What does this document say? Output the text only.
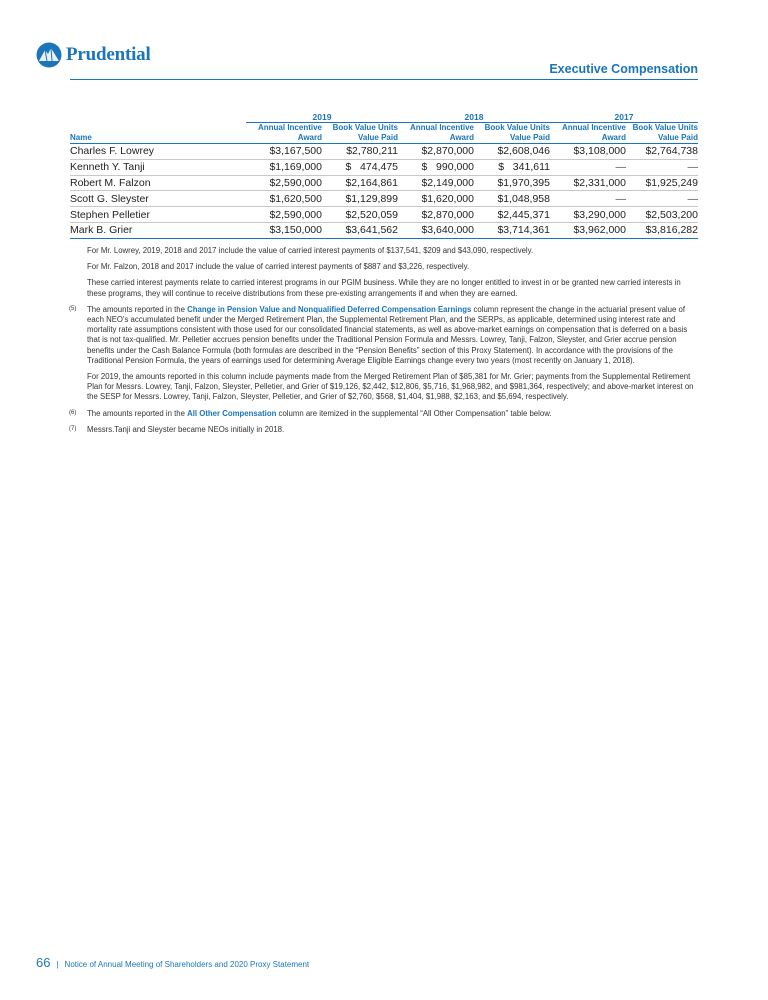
Prudential
Executive Compensation
	2019		2018		2017	
Name	Annual Incentive Award	Book Value Units Value Paid	Annual Incentive Award	Book Value Units Value Paid	Annual Incentive Award	Book Value Units Value Paid
Charles F. Lowrey	$3,167,500	$2,780,211	$2,870,000	$2,608,046	$3,108,000	$2,764,738
Kenneth Y. Tanji	$1,169,000	$   474,475	$   990,000	$   341,611	—	—
Robert M. Falzon	$2,590,000	$2,164,861	$2,149,000	$1,970,395	$2,331,000	$1,925,249
Scott G. Sleyster	$1,620,500	$1,129,899	$1,620,000	$1,048,958	—	—
Stephen Pelletier	$2,590,000	$2,520,059	$2,870,000	$2,445,371	$3,290,000	$2,503,200
Mark B. Grier	$3,150,000	$3,641,562	$3,640,000	$3,714,361	$3,962,000	$3,816,282

For Mr. Lowrey, 2019, 2018 and 2017 include the value of carried interest payments of $137,541, $209 and $43,090, respectively.

For Mr. Falzon, 2018 and 2017 include the value of carried interest payments of $887 and $3,226, respectively.

These carried interest payments relate to carried interest programs in our PGIM business. While they are no longer entitled to invest in or be granted new carried interests in these programs, they will continue to receive distributions from these pre-existing arrangements if and when they are earned.

(5) The amounts reported in the Change in Pension Value and Nonqualified Deferred Compensation Earnings column represent the change in the actuarial present value of each NEO's accumulated benefit under the Merged Retirement Plan, the Supplemental Retirement Plan, and the SERPs, as applicable, determined using interest rate and mortality rate assumptions consistent with those used for our consolidated financial statements, as well as above-market earnings on compensation that is deferred on a basis that is not tax-qualified. Mr. Pelletier accrues pension benefits under the Traditional Pension Formula and Messrs. Lowrey, Tanji, Falzon, Sleyster, and Grier accrue pension benefits under the Cash Balance Formula (both formulas are described in the “Pension Benefits” section of this Proxy Statement). In accordance with the provisions of the Traditional Pension Formula, the years of earnings used for determining Average Eligible Earnings change every two years (most recently on January 1, 2018).

For 2019, the amounts reported in this column include payments made from the Merged Retirement Plan of $85,381 for Mr. Grier; payments from the Supplemental Retirement Plan for Messrs. Lowrey, Tanji, Falzon, Sleyster, Pelletier, and Grier of $19,126, $2,442, $12,806, $5,716, $1,968,982, and $981,364, respectively; and above-market interest on the SESP for Messrs. Lowrey, Tanji, Falzon, Sleyster, Pelletier, and Grier of $2,760, $568, $1,404, $1,988, $2,163, and $5,694, respectively.

(6) The amounts reported in the All Other Compensation column are itemized in the supplemental “All Other Compensation” table below.

(7) Messrs.Tanji and Sleyster became NEOs initially in 2018.

66 | Notice of Annual Meeting of Shareholders and 2020 Proxy Statement
